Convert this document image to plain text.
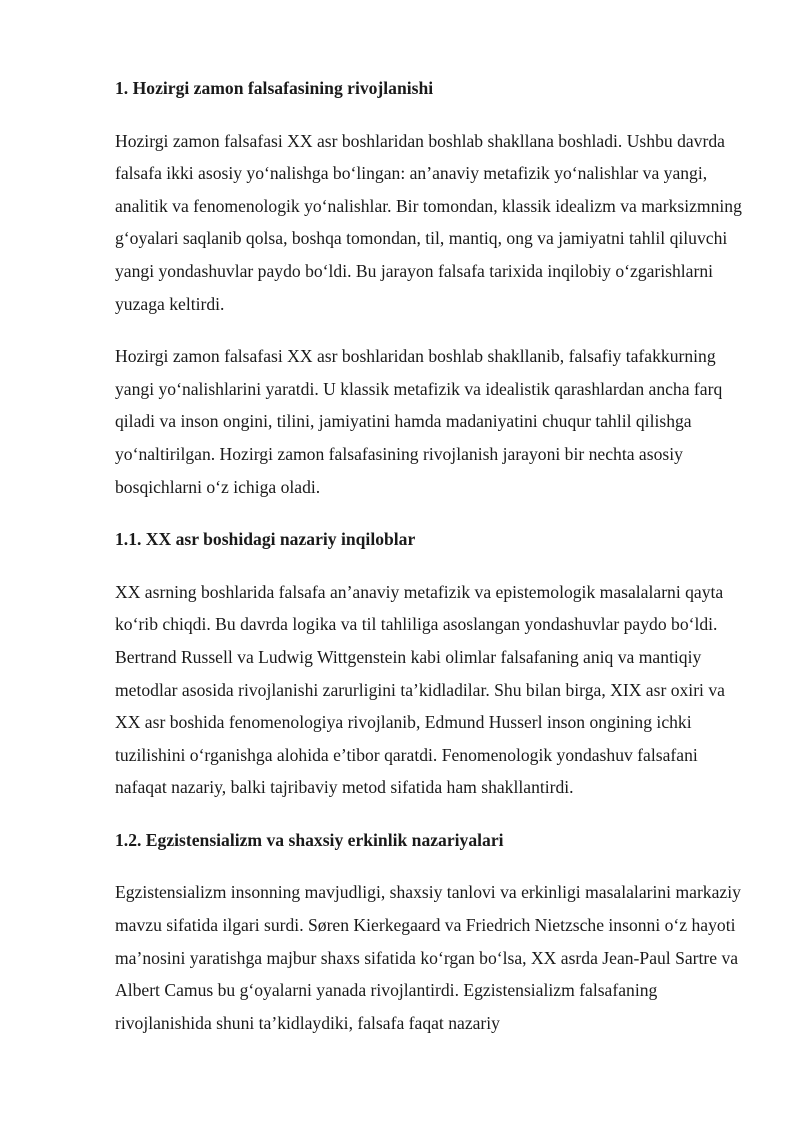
1. Hozirgi zamon falsafasining rivojlanishi

Hozirgi zamon falsafasi XX asr boshlaridan boshlab shakllana boshladi. Ushbu davrda falsafa ikki asosiy yo‘nalishga bo‘lingan: an’anaviy metafizik yo‘nalishlar va yangi, analitik va fenomenologik yo‘nalishlar. Bir tomondan, klassik idealizm va marksizmning g‘oyalari saqlanib qolsa, boshqa tomondan, til, mantiq, ong va jamiyatni tahlil qiluvchi yangi yondashuvlar paydo bo‘ldi. Bu jarayon falsafa tarixida inqilobiy o‘zgarishlarni yuzaga keltirdi.

Hozirgi zamon falsafasi XX asr boshlaridan boshlab shakllanib, falsafiy tafakkurning yangi yo‘nalishlarini yaratdi. U klassik metafizik va idealistik qarashlardan ancha farq qiladi va inson ongini, tilini, jamiyatini hamda madaniyatini chuqur tahlil qilishga yo‘naltirilgan. Hozirgi zamon falsafasining rivojlanish jarayoni bir nechta asosiy bosqichlarni o‘z ichiga oladi.

1.1. XX asr boshidagi nazariy inqiloblar

XX asrning boshlarida falsafa an’anaviy metafizik va epistemologik masalalarni qayta ko‘rib chiqdi. Bu davrda logika va til tahliliga asoslangan yondashuvlar paydo bo‘ldi. Bertrand Russell va Ludwig Wittgenstein kabi olimlar falsafaning aniq va mantiqiy metodlar asosida rivojlanishi zarurligini ta’kidladilar. Shu bilan birga, XIX asr oxiri va XX asr boshida fenomenologiya rivojlanib, Edmund Husserl inson ongining ichki tuzilishini o‘rganishga alohida e’tibor qaratdi. Fenomenologik yondashuv falsafani nafaqat nazariy, balki tajribaviy metod sifatida ham shakllantirdi.

1.2. Egzistensializm va shaxsiy erkinlik nazariyalari

Egzistensializm insonning mavjudligi, shaxsiy tanlovi va erkinligi masalalarini markaziy mavzu sifatida ilgari surdi. Søren Kierkegaard va Friedrich Nietzsche insonni o‘z hayoti ma’nosini yaratishga majbur shaxs sifatida ko‘rgan bo‘lsa, XX asrda Jean-Paul Sartre va Albert Camus bu g‘oyalarni yanada rivojlantirdi. Egzistensializm falsafaning rivojlanishida shuni ta’kidlaydiki, falsafa faqat nazariy
